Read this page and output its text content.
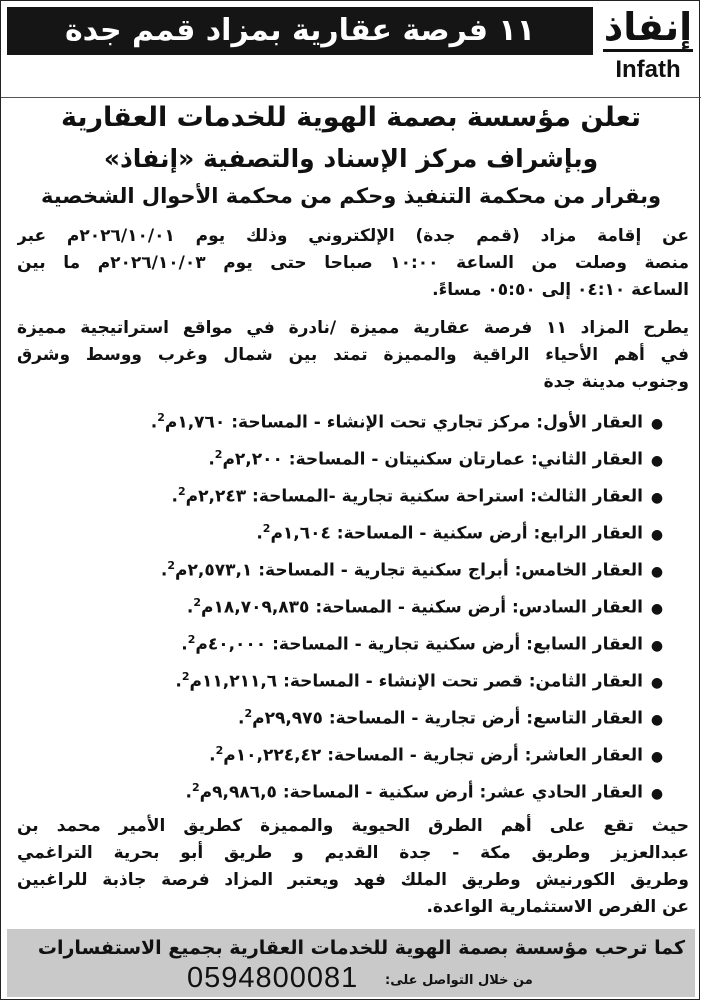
١١ فرصة عقارية بمزاد قمم جدة	إنفاذ
Infath
تعلن مؤسسة بصمة الهوية للخدمات العقارية
وبإشراف مركز الإسناد والتصفية «إنفاذ»
وبقرار من محكمة التنفيذ وحكم من محكمة الأحوال الشخصية
عن إقامة مزاد (قمم جدة) الإلكتروني وذلك يوم ٢٠٢٦/١٠/٠١م عبر
منصة وصلت من الساعة ١٠:٠٠ صباحا حتى يوم ٢٠٢٦/١٠/٠٣م ما بين
الساعة ٠٤:١٠ إلى ٠٥:٥٠ مساءً.
يطرح المزاد ١١ فرصة عقارية مميزة /نادرة في مواقع استراتيجية مميزة
في أهم الأحياء الراقية والمميزة تمتد بين شمال وغرب ووسط وشرق
وجنوب مدينة جدة
●العقار الأول: مركز تجاري تحت الإنشاء - المساحة: ١,٧٦٠م$^2$.
●العقار الثاني: عمارتان سكنيتان - المساحة: ٢,٢٠٠م$^2$.
●العقار الثالث: استراحة سكنية تجارية -المساحة: ٢,٢٤٣م$^2$.
●العقار الرابع: أرض سكنية - المساحة: ١,٦٠٤م$^2$.
●العقار الخامس: أبراج سكنية تجارية - المساحة: ٢,٥٧٣,١م$^2$.
●العقار السادس: أرض سكنية - المساحة: ١٨,٧٠٩,٨٣٥م$^2$.
●العقار السابع: أرض سكنية تجارية - المساحة: ٤٠,٠٠٠م$^2$.
●العقار الثامن: قصر تحت الإنشاء - المساحة: ١١,٢١١,٦م$^2$.
●العقار التاسع: أرض تجارية - المساحة: ٢٩,٩٧٥م$^2$.
●العقار العاشر: أرض تجارية - المساحة: ١٠,٢٢٤,٤٢م$^2$.
●العقار الحادي عشر: أرض سكنية - المساحة: ٩,٩٨٦,٥م$^2$.
حيث تقع على أهم الطرق الحيوية والمميزة كطريق الأمير محمد بن
عبدالعزيز وطريق مكة - جدة القديم و طريق أبو بحرية التراغمي
وطريق الكورنيش وطريق الملك فهد ويعتبر المزاد فرصة جاذبة للراغبين
عن الفرص الاستثمارية الواعدة.
كما ترحب مؤسسة بصمة الهوية للخدمات العقارية بجميع الاستفسارات
من خلال التواصل على:
0594800081
